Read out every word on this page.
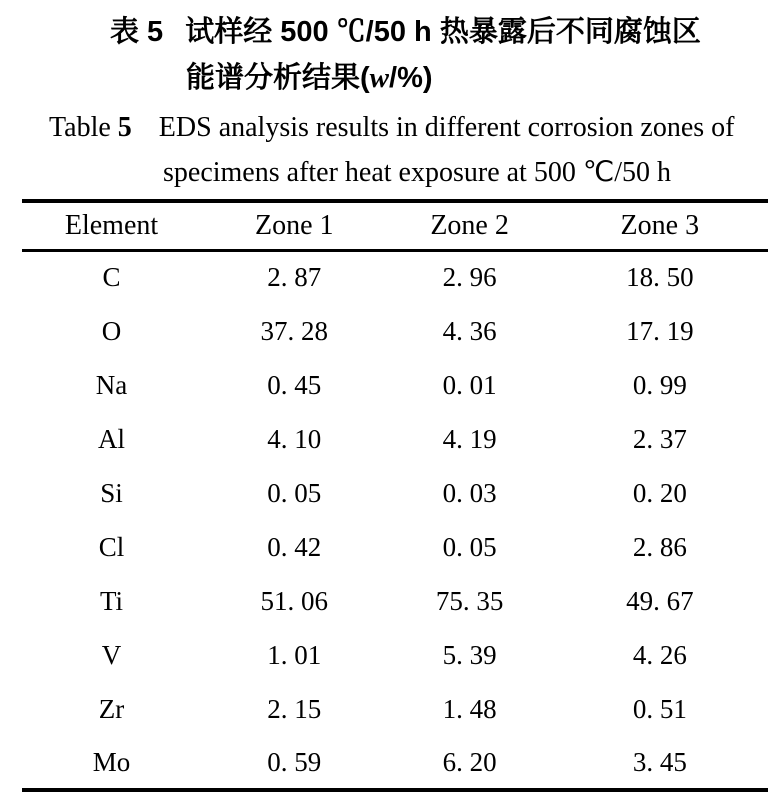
表 5 试样经 500 ℃/50 h 热暴露后不同腐蚀区
能谱分析结果(w/%)
Table 5 EDS analysis results in different corrosion zones of
specimens after heat exposure at 500 ℃/50 h
Element	Zone 1	Zone 2	Zone 3
C	2. 87	2. 96	18. 50
O	37. 28	4. 36	17. 19
Na	0. 45	0. 01	0. 99
Al	4. 10	4. 19	2. 37
Si	0. 05	0. 03	0. 20
Cl	0. 42	0. 05	2. 86
Ti	51. 06	75. 35	49. 67
V	1. 01	5. 39	4. 26
Zr	2. 15	1. 48	0. 51
Mo	0. 59	6. 20	3. 45
